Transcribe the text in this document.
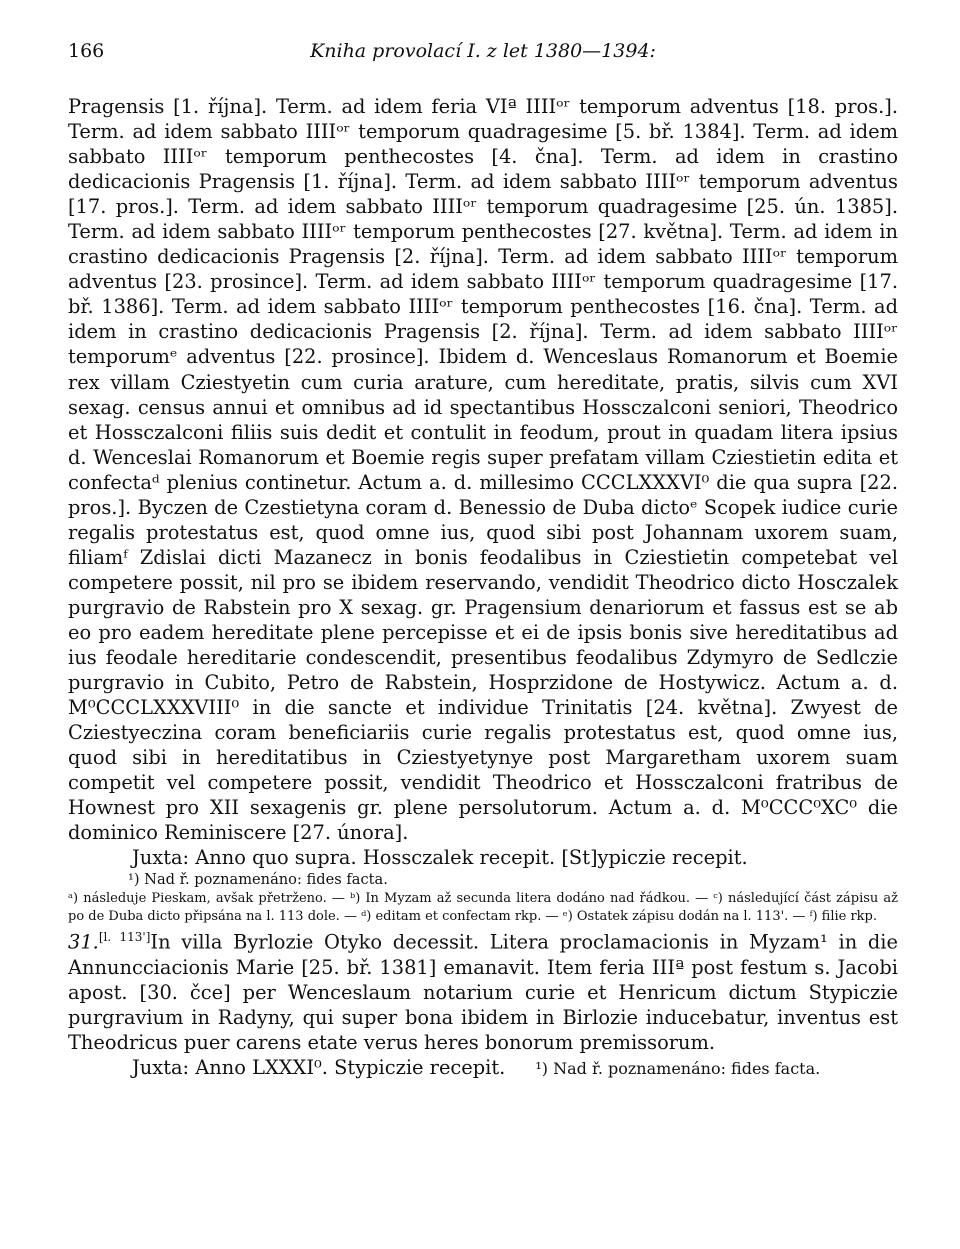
166	Kniha provolací I. z let 1380—1394:

Pragensis [1. října]. Term. ad idem feria VIª IIIIᵒʳ temporum adventus [18. pros.]. Term. ad idem sabbato IIIIᵒʳ temporum quadragesime [5. bř. 1384]. Term. ad idem sabbato IIIIᵒʳ temporum penthecostes [4. čna]. Term. ad idem in crastino dedicacionis Pragensis [1. října]. Term. ad idem sabbato IIIIᵒʳ temporum adventus [17. pros.]. Term. ad idem sabbato IIIIᵒʳ temporum quadragesime [25. ún. 1385]. Term. ad idem sabbato IIIIᵒʳ temporum penthecostes [27. května]. Term. ad idem in crastino dedicacionis Pragensis [2. října]. Term. ad idem sabbato IIIIᵒʳ temporum adventus [23. prosince]. Term. ad idem sabbato IIIIᵒʳ temporum quadragesime [17. bř. 1386]. Term. ad idem sabbato IIIIᵒʳ temporum penthecostes [16. čna]. Term. ad idem in crastino dedicacionis Pragensis [2. října]. Term. ad idem sabbato IIIIᵒʳ temporumᵉ adventus [22. prosince]. Ibidem d. Wenceslaus Romanorum et Boemie rex villam Cziestyetin cum curia arature, cum hereditate, pratis, silvis cum XVI sexag. census annui et omnibus ad id spectantibus Hossczalconi seniori, Theodrico et Hossczalconi filiis suis dedit et contulit in feodum, prout in quadam litera ipsius d. Wenceslai Romanorum et Boemie regis super prefatam villam Cziestietin edita et confectaᵈ plenius continetur. Actum a. d. millesimo CCCLXXXVI⁰ die qua supra [22. pros.]. Byczen de Czestietyna coram d. Benessio de Duba dictoᵉ Scopek iudice curie regalis protestatus est, quod omne ius, quod sibi post Johannam uxorem suam, filiamᶠ Zdislai dicti Mazanecz in bonis feodalibus in Cziestietin competebat vel competere possit, nil pro se ibidem reservando, vendidit Theodrico dicto Hosczalek purgravio de Rabstein pro X sexag. gr. Pragensium denariorum et fassus est se ab eo pro eadem hereditate plene percepisse et ei de ipsis bonis sive hereditatibus ad ius feodale hereditarie condescendit, presentibus feodalibus Zdymyro de Sedlczie purgravio in Cubito, Petro de Rabstein, Hosprzidone de Hostywicz. Actum a. d. M⁰CCCLXXXVIII⁰ in die sancte et individue Trinitatis [24. května]. Zwyest de Cziestyeczina coram beneficiariis curie regalis protestatus est, quod omne ius, quod sibi in hereditatibus in Cziestyetynye post Margaretham uxorem suam competit vel competere possit, vendidit Theodrico et Hossczalconi fratribus de Hownest pro XII sexagenis gr. plene persolutorum. Actum a. d. M⁰CCC⁰XC⁰ die dominico Reminiscere [27. února].

Juxta: Anno quo supra. Hossczalek recepit. [St]ypiczie recepit.

¹) Nad ř. poznamenáno: fides facta.

ᵃ) následuje Pieskam, avšak přetrženo. — ᵇ) In Myzam až secunda litera dodáno nad řádkou. — ᶜ) následující část zápisu až po de Duba dicto připsána na l. 113 dole. — ᵈ) editam et confectam rkp. — ᵉ) Ostatek zápisu dodán na l. 113'. — ᶠ) filie rkp.

31.[l. 113']In villa Byrlozie Otyko decessit. Litera proclamacionis in Myzam¹ in die Annuncciacionis Marie [25. bř. 1381] emanavit. Item feria IIIª post festum s. Jacobi apost. [30. čce] per Wenceslaum notarium curie et Henricum dictum Stypiczie purgravium in Radyny, qui super bona ibidem in Birlozie inducebatur, inventus est Theodricus puer carens etate verus heres bonorum premissorum.

Juxta: Anno LXXXI⁰. Stypiczie recepit. ¹) Nad ř. poznamenáno: fides facta.
